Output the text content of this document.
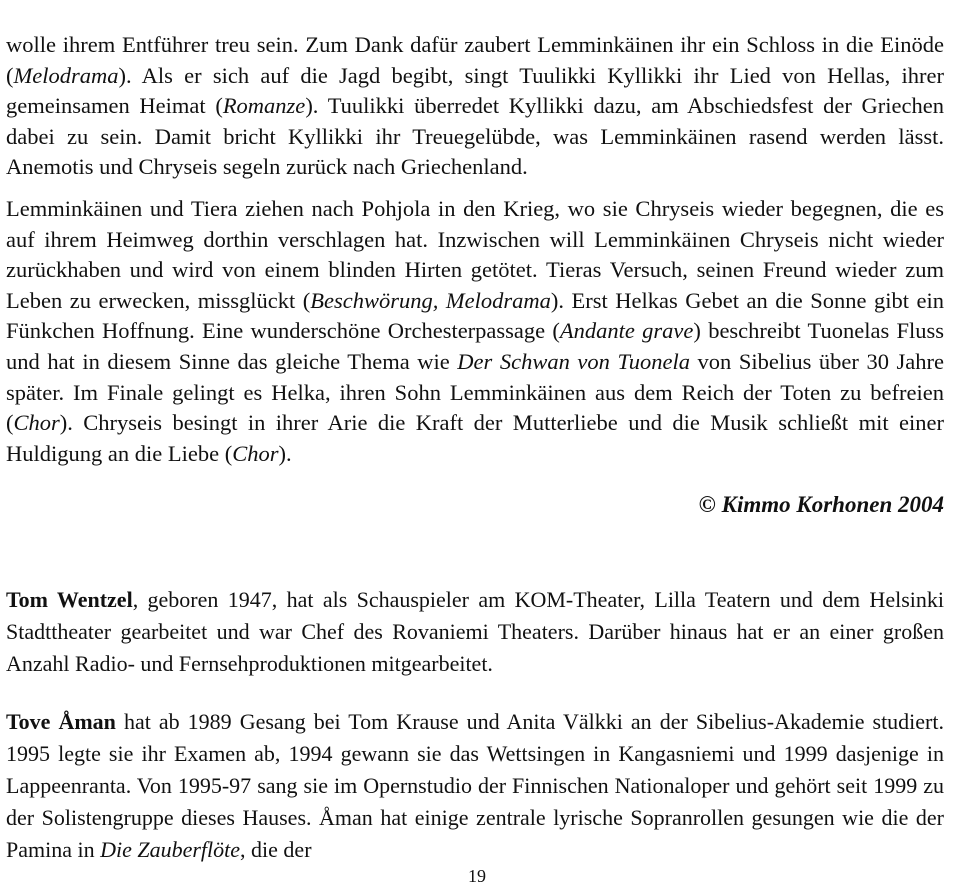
wolle ihrem Entführer treu sein. Zum Dank dafür zaubert Lemminkäinen ihr ein Schloss in die Einöde (Melodrama). Als er sich auf die Jagd begibt, singt Tuulikki Kyllikki ihr Lied von Hellas, ihrer gemeinsamen Heimat (Romanze). Tuulikki überredet Kyllikki dazu, am Abschiedsfest der Griechen dabei zu sein. Damit bricht Kyllikki ihr Treuegelübde, was Lemminkäinen rasend werden lässt. Anemotis und Chryseis segeln zurück nach Griechenland.

Lemminkäinen und Tiera ziehen nach Pohjola in den Krieg, wo sie Chryseis wieder begegnen, die es auf ihrem Heimweg dorthin verschlagen hat. Inzwischen will Lemminkäinen Chryseis nicht wieder zurückhaben und wird von einem blinden Hirten getötet. Tieras Versuch, seinen Freund wieder zum Leben zu erwecken, missglückt (Beschwörung, Melodrama). Erst Helkas Gebet an die Sonne gibt ein Fünkchen Hoffnung. Eine wunderschöne Orchesterpassage (Andante grave) beschreibt Tuonelas Fluss und hat in diesem Sinne das gleiche Thema wie Der Schwan von Tuonela von Sibelius über 30 Jahre später. Im Finale gelingt es Helka, ihren Sohn Lemminkäinen aus dem Reich der Toten zu befreien (Chor). Chryseis besingt in ihrer Arie die Kraft der Mutterliebe und die Musik schließt mit einer Huldigung an die Liebe (Chor).

© Kimmo Korhonen 2004

Tom Wentzel, geboren 1947, hat als Schauspieler am KOM-Theater, Lilla Teatern und dem Helsinki Stadttheater gearbeitet und war Chef des Rovaniemi Theaters. Darüber hinaus hat er an einer großen Anzahl Radio- und Fernsehproduktionen mitgearbeitet.

Tove Åman hat ab 1989 Gesang bei Tom Krause und Anita Välkki an der Sibelius-Akademie studiert. 1995 legte sie ihr Examen ab, 1994 gewann sie das Wettsingen in Kangasniemi und 1999 dasjenige in Lappeenranta. Von 1995-97 sang sie im Opernstudio der Finnischen Nationaloper und gehört seit 1999 zu der Solistengruppe dieses Hauses. Åman hat einige zentrale lyrische Sopranrollen gesungen wie die der Pamina in Die Zauberflöte, die der

19
